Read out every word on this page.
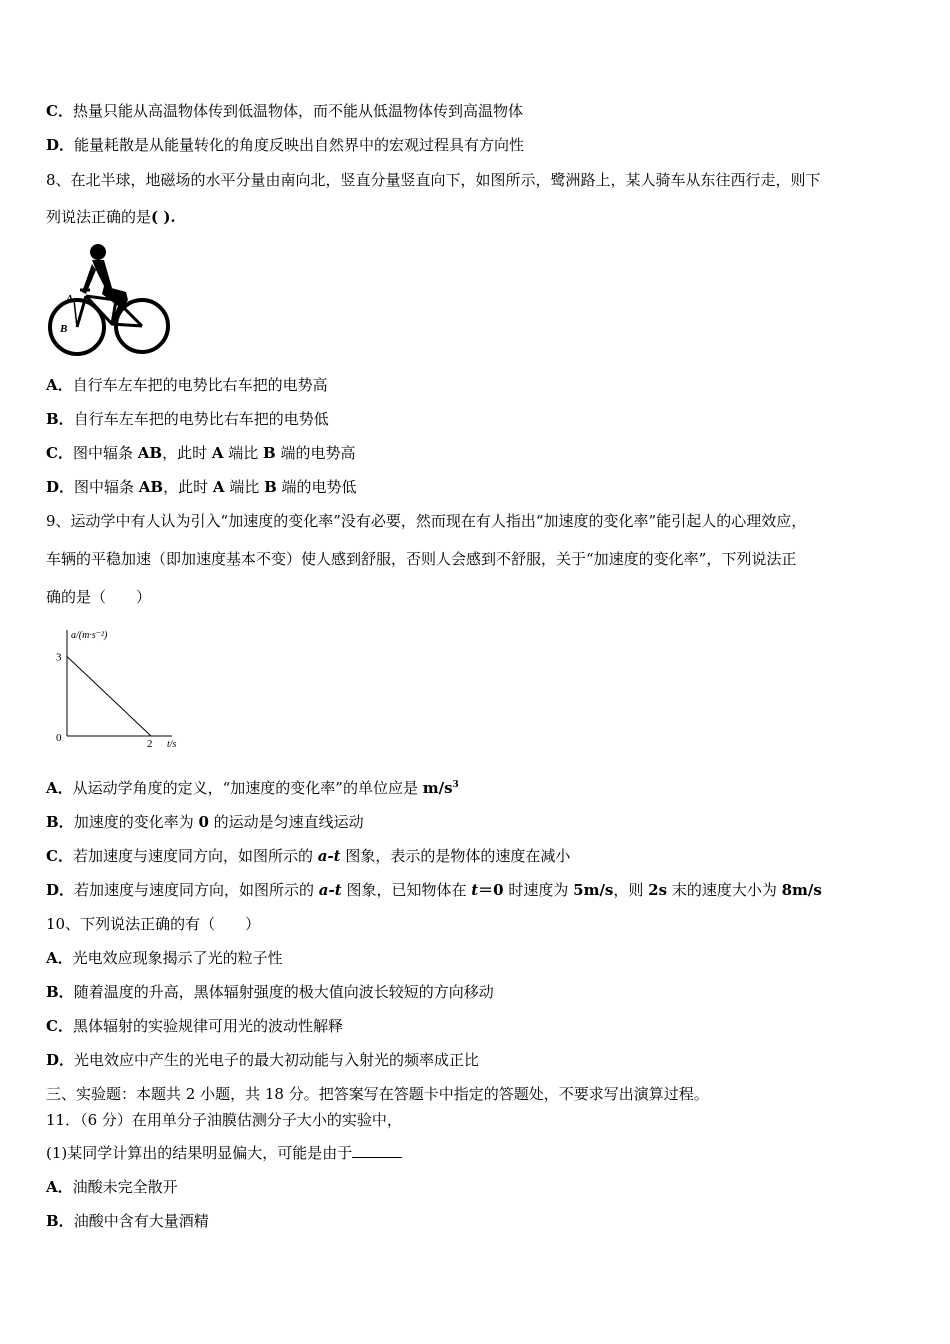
C．热量只能从高温物体传到低温物体，而不能从低温物体传到高温物体
D．能量耗散是从能量转化的角度反映出自然界中的宏观过程具有方向性
8、在北半球，地磁场的水平分量由南向北，竖直分量竖直向下，如图所示，鹭洲路上，某人骑车从东往西行走，则下
列说法正确的是( ).
A
B
A．自行车左车把的电势比右车把的电势高
B．自行车左车把的电势比右车把的电势低
C．图中辐条 AB，此时 A 端比 B 端的电势高
D．图中辐条 AB，此时 A 端比 B 端的电势低
9、运动学中有人认为引入“加速度的变化率”没有必要，然而现在有人指出“加速度的变化率”能引起人的心理效应，
车辆的平稳加速（即加速度基本不变）使人感到舒服，否则人会感到不舒服，关于“加速度的变化率”，下列说法正
确的是（　　）
a/(m·s⁻²)
t/s
0
3
2
A．从运动学角度的定义，“加速度的变化率”的单位应是 $m/s^3$
B．加速度的变化率为 0 的运动是匀速直线运动
C．若加速度与速度同方向，如图所示的 a-t 图象，表示的是物体的速度在减小
D．若加速度与速度同方向，如图所示的 a-t 图象，已知物体在 t＝0 时速度为 5m/s，则 2s 末的速度大小为 8m/s
10、下列说法正确的有（　　）
A．光电效应现象揭示了光的粒子性
B．随着温度的升高，黑体辐射强度的极大值向波长较短的方向移动
C．黑体辐射的实验规律可用光的波动性解释
D．光电效应中产生的光电子的最大初动能与入射光的频率成正比
三、实验题：本题共 2 小题，共 18 分。把答案写在答题卡中指定的答题处，不要求写出演算过程。
11．（6 分）在用单分子油膜估测分子大小的实验中，
(1)某同学计算出的结果明显偏大，可能是由于
A．油酸未完全散开
B．油酸中含有大量酒精
